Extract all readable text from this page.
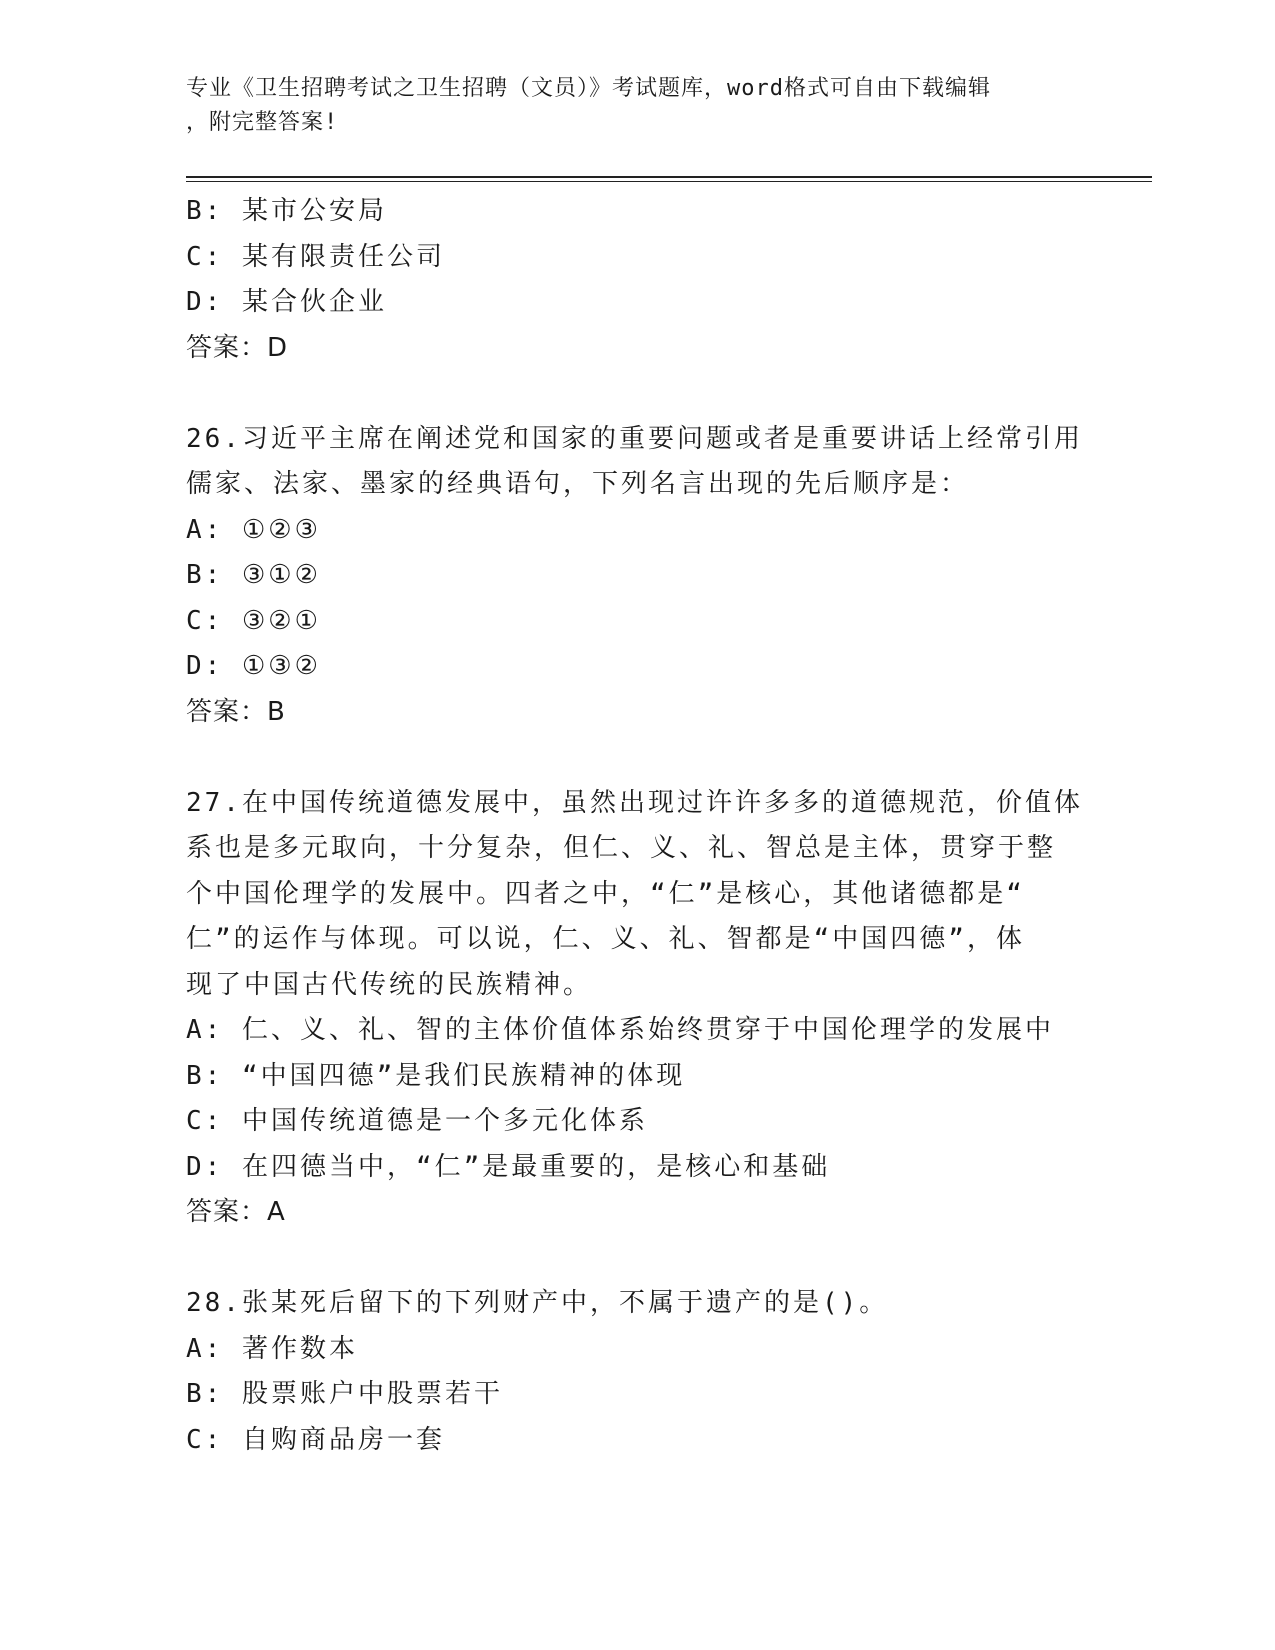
专业《卫生招聘考试之卫生招聘（文员）》考试题库，word格式可自由下载编辑
，附完整答案!
B: 某市公安局
C: 某有限责任公司
D: 某合伙企业
答案：D
26.习近平主席在阐述党和国家的重要问题或者是重要讲话上经常引用
儒家、法家、墨家的经典语句，下列名言出现的先后顺序是：
A: ①②③
B: ③①②
C: ③②①
D: ①③②
答案：B
27.在中国传统道德发展中，虽然出现过许许多多的道德规范，价值体
系也是多元取向，十分复杂，但仁、义、礼、智总是主体，贯穿于整
个中国伦理学的发展中。四者之中，“仁”是核心，其他诸德都是“
仁”的运作与体现。可以说，仁、义、礼、智都是“中国四德”，体
现了中国古代传统的民族精神。
A: 仁、义、礼、智的主体价值体系始终贯穿于中国伦理学的发展中
B: “中国四德”是我们民族精神的体现
C: 中国传统道德是一个多元化体系
D: 在四德当中，“仁”是最重要的，是核心和基础
答案：A
28.张某死后留下的下列财产中，不属于遗产的是()。
A: 著作数本
B: 股票账户中股票若干
C: 自购商品房一套
